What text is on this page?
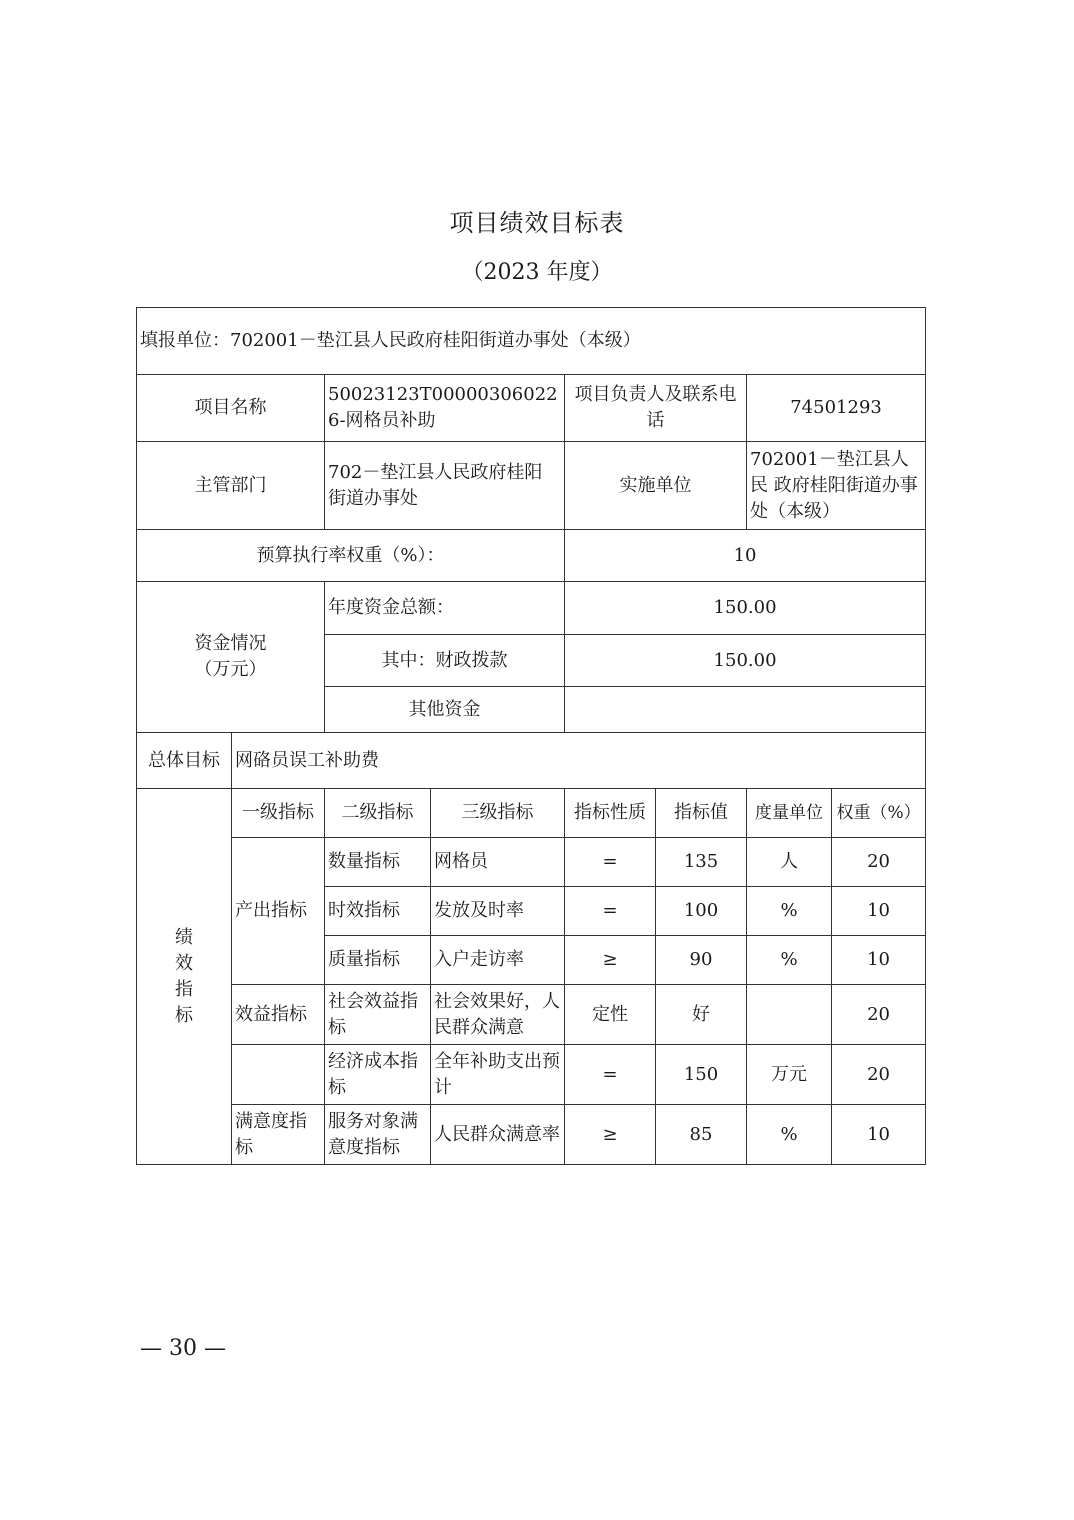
项目绩效目标表
（2023 年度）
填报单位：702001－垫江县人民政府桂阳街道办事处（本级）							
项目名称		50023123T000003060226-网格员补助		项目负责人及联系电话		74501293	
主管部门		702－垫江县人民政府桂阳 街道办事处		实施单位		702001－垫江县人民 政府桂阳街道办事 处（本级）	
预算执行率权重（%）：				10			
资金情况（万元）		年度资金总额：		150.00			
		其中：财政拨款		150.00			
		其他资金					
总体目标	网硌员误工补助费						
绩效指标	一级指标	二级指标	三级指标	指标性质	指标值	度量单位	权重（%）
	产出指标	数量指标	网格员	=	135	人	20
		时效指标	发放及时率	=	100	%	10
		质量指标	入户走访率	≥	90	%	10
	效益指标	社会效益指标	社会效果好，人民群众满意	定性	好		20
		经济成本指标	全年补助支出预计	=	150	万元	20
	满意度指标	服务对象满意度指标	人民群众满意率	≥	85	%	10
— 30 —
